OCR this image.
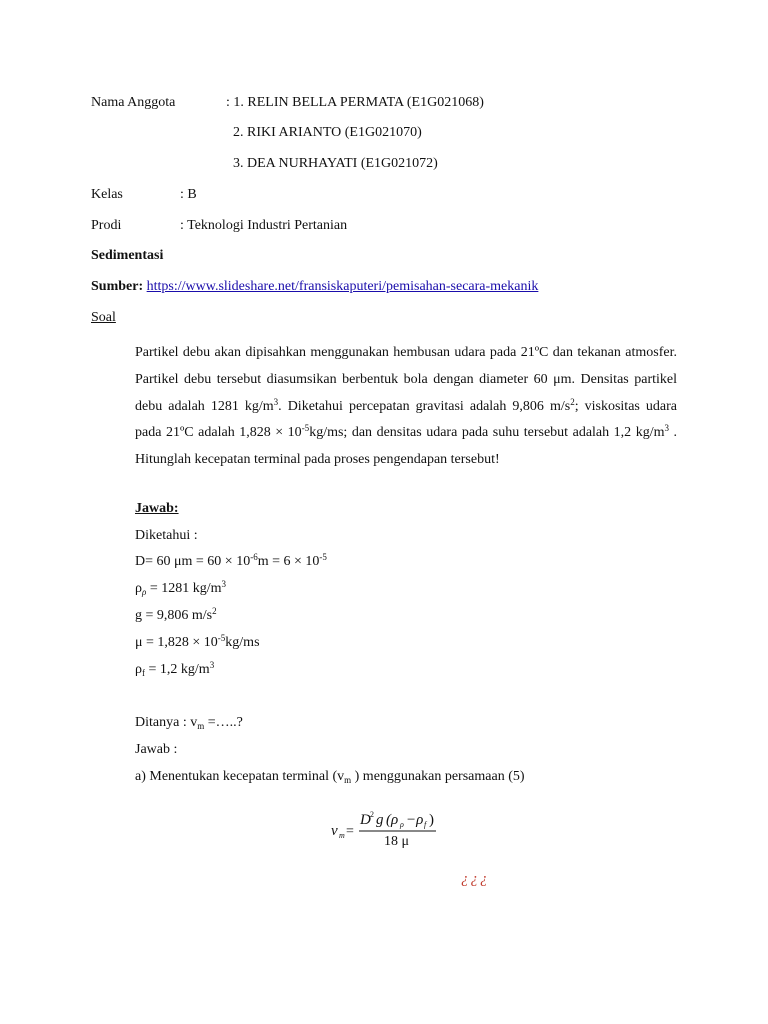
Nama Anggota	: 1. RELIN BELLA PERMATA (E1G021068)
2. RIKI ARIANTO (E1G021070)
3. DEA NURHAYATI (E1G021072)
Kelas	: B
Prodi	: Teknologi Industri Pertanian
Sedimentasi
Sumber: https://www.slideshare.net/fransiskaputeri/pemisahan-secara-mekanik
Soal
Partikel debu akan dipisahkan menggunakan hembusan udara pada 21ºC dan tekanan atmosfer. Partikel debu tersebut diasumsikan berbentuk bola dengan diameter 60 μm. Densitas partikel debu adalah 1281 $kg/m^3$. Diketahui percepatan gravitasi adalah 9,806 $m/s^2$; viskositas udara pada 21ºC adalah $1,828 \times 10^{-5}kg/ms$; dan densitas udara pada suhu tersebut adalah 1,2 $kg/m^3$ . Hitunglah kecepatan terminal pada proses pengendapan tersebut!
Jawab:
Diketahui :
D= 60 $\mu m = 60 \times 10^{-6}m = 6 \times 10^{-5}$
$\rho_\rho = 1281$ $kg/m^3$
g = 9,806 $m/s^2$
$\mu = 1,828 \times 10^{-5}kg/ms$
$\rho_f = 1,2$ $kg/m^3$
Ditanya : $v_m$ =…..?
Jawab :
a) Menentukan kecepatan terminal ($v_m$ ) menggunakan persamaan (5)
v m =
D 2 g (ρ ρ −ρ f )
18 μ
¿¿¿
